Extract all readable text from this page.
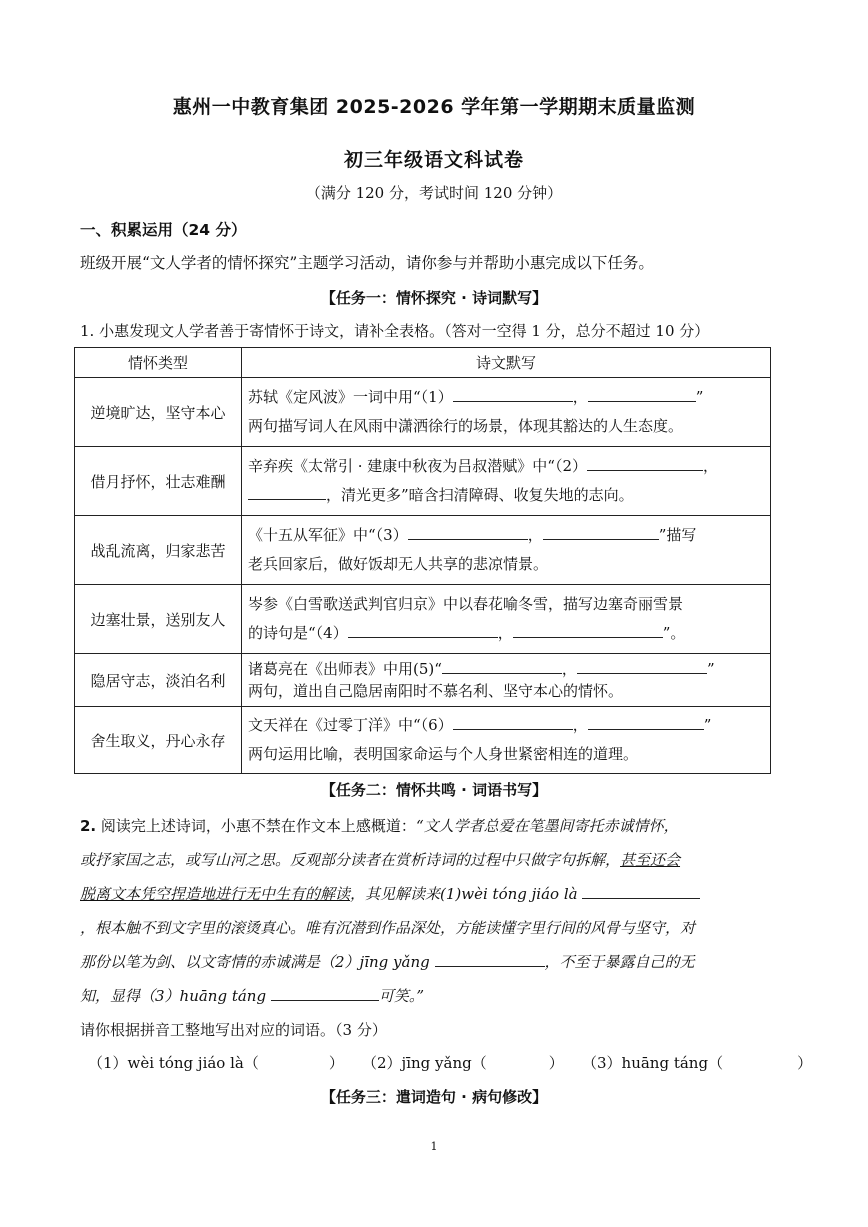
惠州一中教育集团 2025-2026 学年第一学期期末质量监测
初三年级语文科试卷
（满分 120 分，考试时间 120 分钟）
一、积累运用（24 分）
班级开展“文人学者的情怀探究”主题学习活动，请你参与并帮助小惠完成以下任务。
【任务一：情怀探究 · 诗词默写】
1. 小惠发现文人学者善于寄情怀于诗文，请补全表格。（答对一空得 1 分，总分不超过 10 分）
情怀类型	诗文默写
逆境旷达，坚守本心	苏轼《定风波》一词中用“（1） ， ”
两句描写词人在风雨中潇洒徐行的场景，体现其豁达的人生态度。

借月抒怀，壮志难酬	辛弃疾《太常引 · 建康中秋夜为吕叔潜赋》中“（2） ，
，清光更多”暗含扫清障碍、收复失地的志向。

战乱流离，归家悲苦	《十五从军征》中“（3） ， ”描写
老兵回家后，做好饭却无人共享的悲凉情景。

边塞壮景，送别友人	岑参《白雪歌送武判官归京》中以春花喻冬雪，描写边塞奇丽雪景
的诗句是“（4） ， ”。

隐居守志，淡泊名利	诸葛亮在《出师表》中用(5)“ ， ”
两句，道出自己隐居南阳时不慕名利、坚守本心的情怀。

舍生取义，丹心永存	文天祥在《过零丁洋》中“（6） ， ”
两句运用比喻，表明国家命运与个人身世紧密相连的道理。
【任务二：情怀共鸣 · 词语书写】
2. 阅读完上述诗词，小惠不禁在作文本上感概道：“文人学者总爱在笔墨间寄托赤诚情怀，
或抒家国之志，或写山河之思。反观部分读者在赏析诗词的过程中只做字句拆解，甚至还会
脱离文本凭空捏造地进行无中生有的解读，其见解读来(1)wèi tóng jiáo là
，根本触不到文字里的滚烫真心。唯有沉潜到作品深处，方能读懂字里行间的风骨与坚守，对
那份以笔为剑、以文寄情的赤诚满是（2）jīng yǎng	，不至于暴露自己的无
知，显得（3）huāng táng	可笑。”
请你根据拼音工整地写出对应的词语。（3 分）
（1）wèi tóng jiáo là（	） （2）jīng yǎng（	） （3）huāng táng（	）
【任务三：遣词造句 · 病句修改】
1
